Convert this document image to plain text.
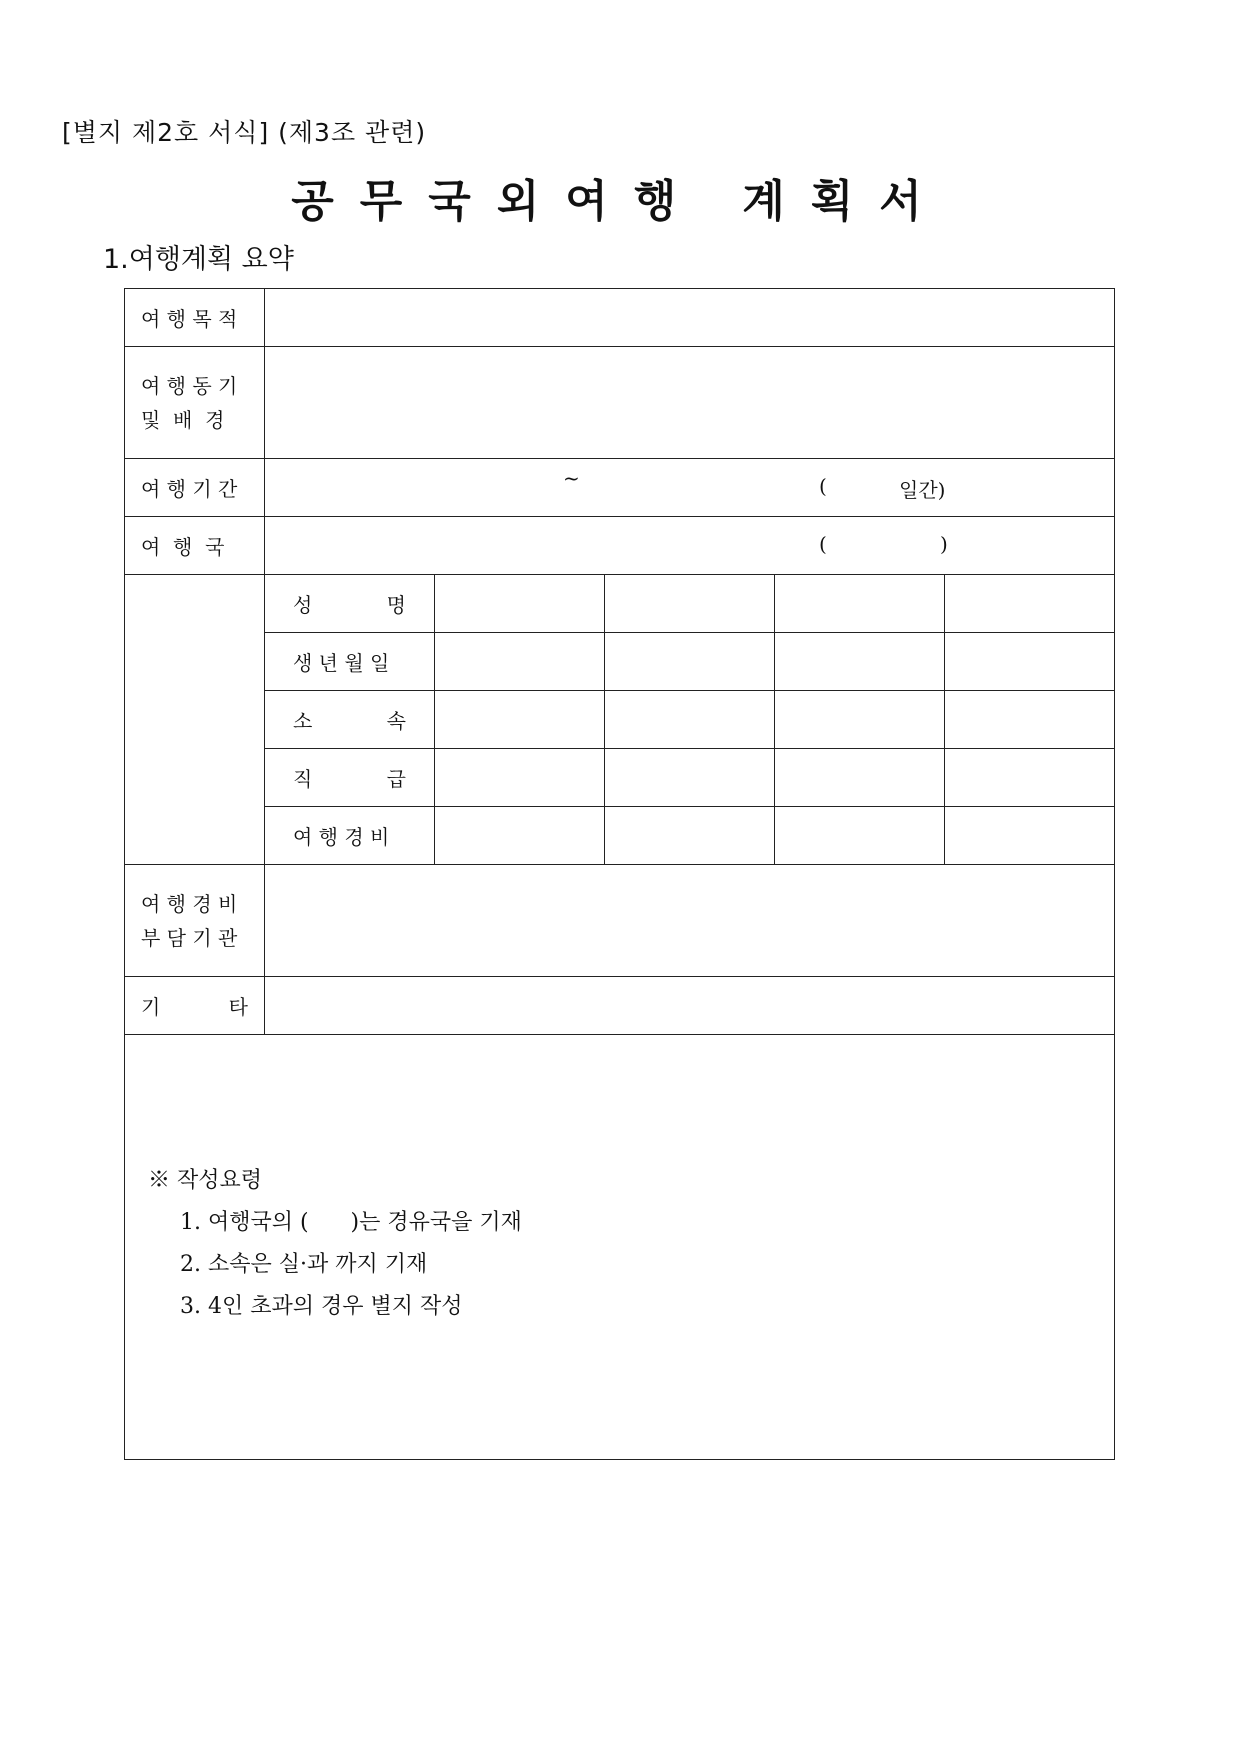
[별지 제2호 서식] (제3조 관련)
공무국외여행 계획서
1.여행계획 요약
여 행 목 적					

여 행 동 기
및  배  경					

여 행 기 간	~ ( 일간)				

여  행  국	( )				

	성 명				

	생 년 월 일				

	소 속				

	직 급				

	여 행 경 비				

여 행 경 비
부 담 기 관					

기 타					

※ 작성요령
1. 여행국의 (      )는 경유국을 기재
2. 소속은 실·과 까지 기재
3. 4인 초과의 경우 별지 작성
